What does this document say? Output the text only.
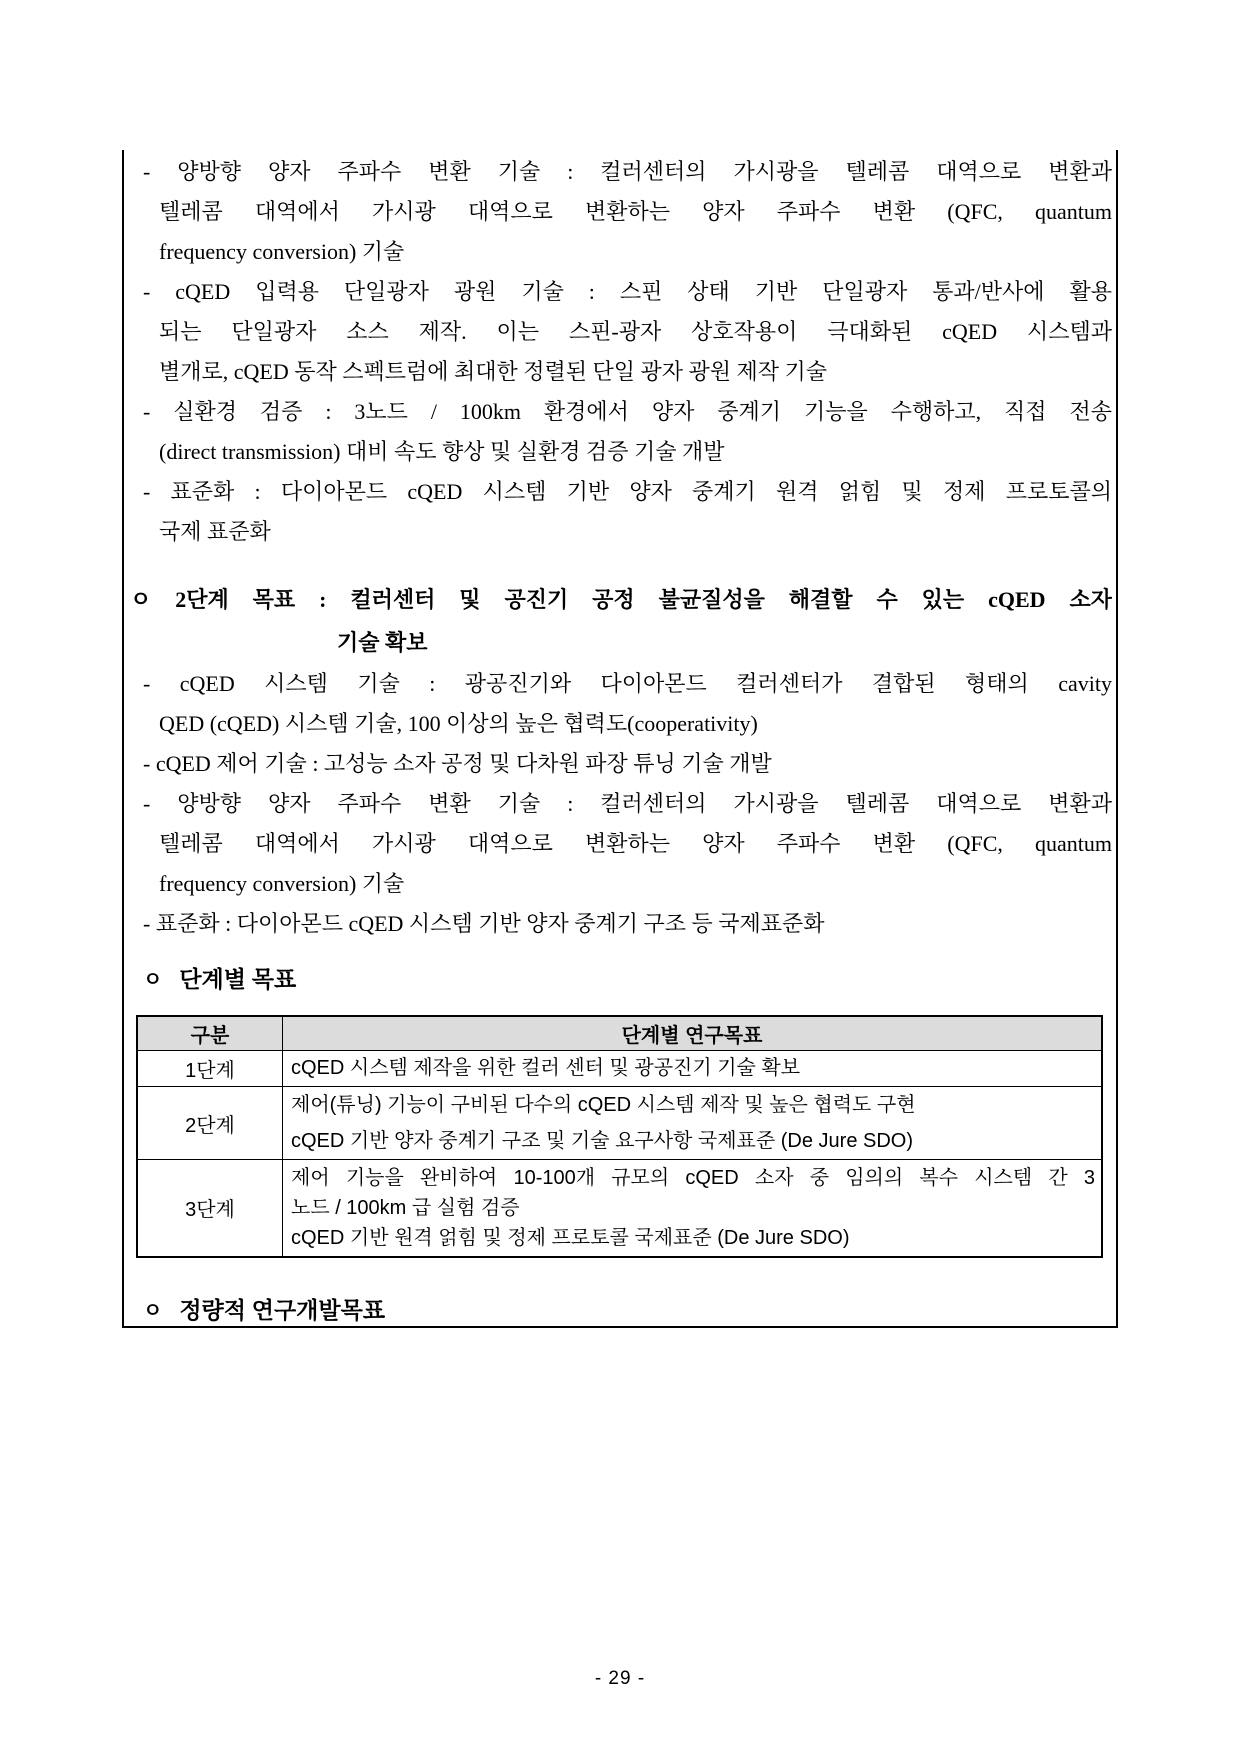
- 양방향 양자 주파수 변환 기술 : 컬러센터의 가시광을 텔레콤 대역으로 변환과
텔레콤 대역에서 가시광 대역으로 변환하는 양자 주파수 변환 (QFC, quantum
frequency conversion) 기술
- cQED 입력용 단일광자 광원 기술 : 스핀 상태 기반 단일광자 통과/반사에 활용
되는 단일광자 소스 제작. 이는 스핀-광자 상호작용이 극대화된 cQED 시스템과
별개로, cQED 동작 스펙트럼에 최대한 정렬된 단일 광자 광원 제작 기술
- 실환경 검증 : 3노드 / 100km 환경에서 양자 중계기 기능을 수행하고, 직접 전송
(direct transmission) 대비 속도 향상 및 실환경 검증 기술 개발
- 표준화 : 다이아몬드 cQED 시스템 기반 양자 중계기 원격 얽힘 및 정제 프로토콜의
국제 표준화
ㅇ 2단계 목표 : 컬러센터 및 공진기 공정 불균질성을 해결할 수 있는 cQED 소자
기술 확보
- cQED 시스템 기술 : 광공진기와 다이아몬드 컬러센터가 결합된 형태의 cavity
QED (cQED) 시스템 기술, 100 이상의 높은 협력도(cooperativity)
- cQED 제어 기술 : 고성능 소자 공정 및 다차원 파장 튜닝 기술 개발
- 양방향 양자 주파수 변환 기술 : 컬러센터의 가시광을 텔레콤 대역으로 변환과
텔레콤 대역에서 가시광 대역으로 변환하는 양자 주파수 변환 (QFC, quantum
frequency conversion) 기술
- 표준화 : 다이아몬드 cQED 시스템 기반 양자 중계기 구조 등 국제표준화
ㅇ 단계별 목표
구분	단계별 연구목표
1단계	cQED 시스템 제작을 위한 컬러 센터 및 광공진기 기술 확보

2단계	제어(튜닝) 기능이 구비된 다수의 cQED 시스템 제작 및 높은 협력도 구현
cQED 기반 양자 중계기 구조 및 기술 요구사항 국제표준 (De Jure SDO)

3단계	제어 기능을 완비하여 10-100개 규모의 cQED 소자 중 임의의 복수 시스템 간 3
노드 / 100km 급 실험 검증
cQED 기반 원격 얽힘 및 정제 프로토콜 국제표준 (De Jure SDO)
ㅇ 정량적 연구개발목표
- 29 -
